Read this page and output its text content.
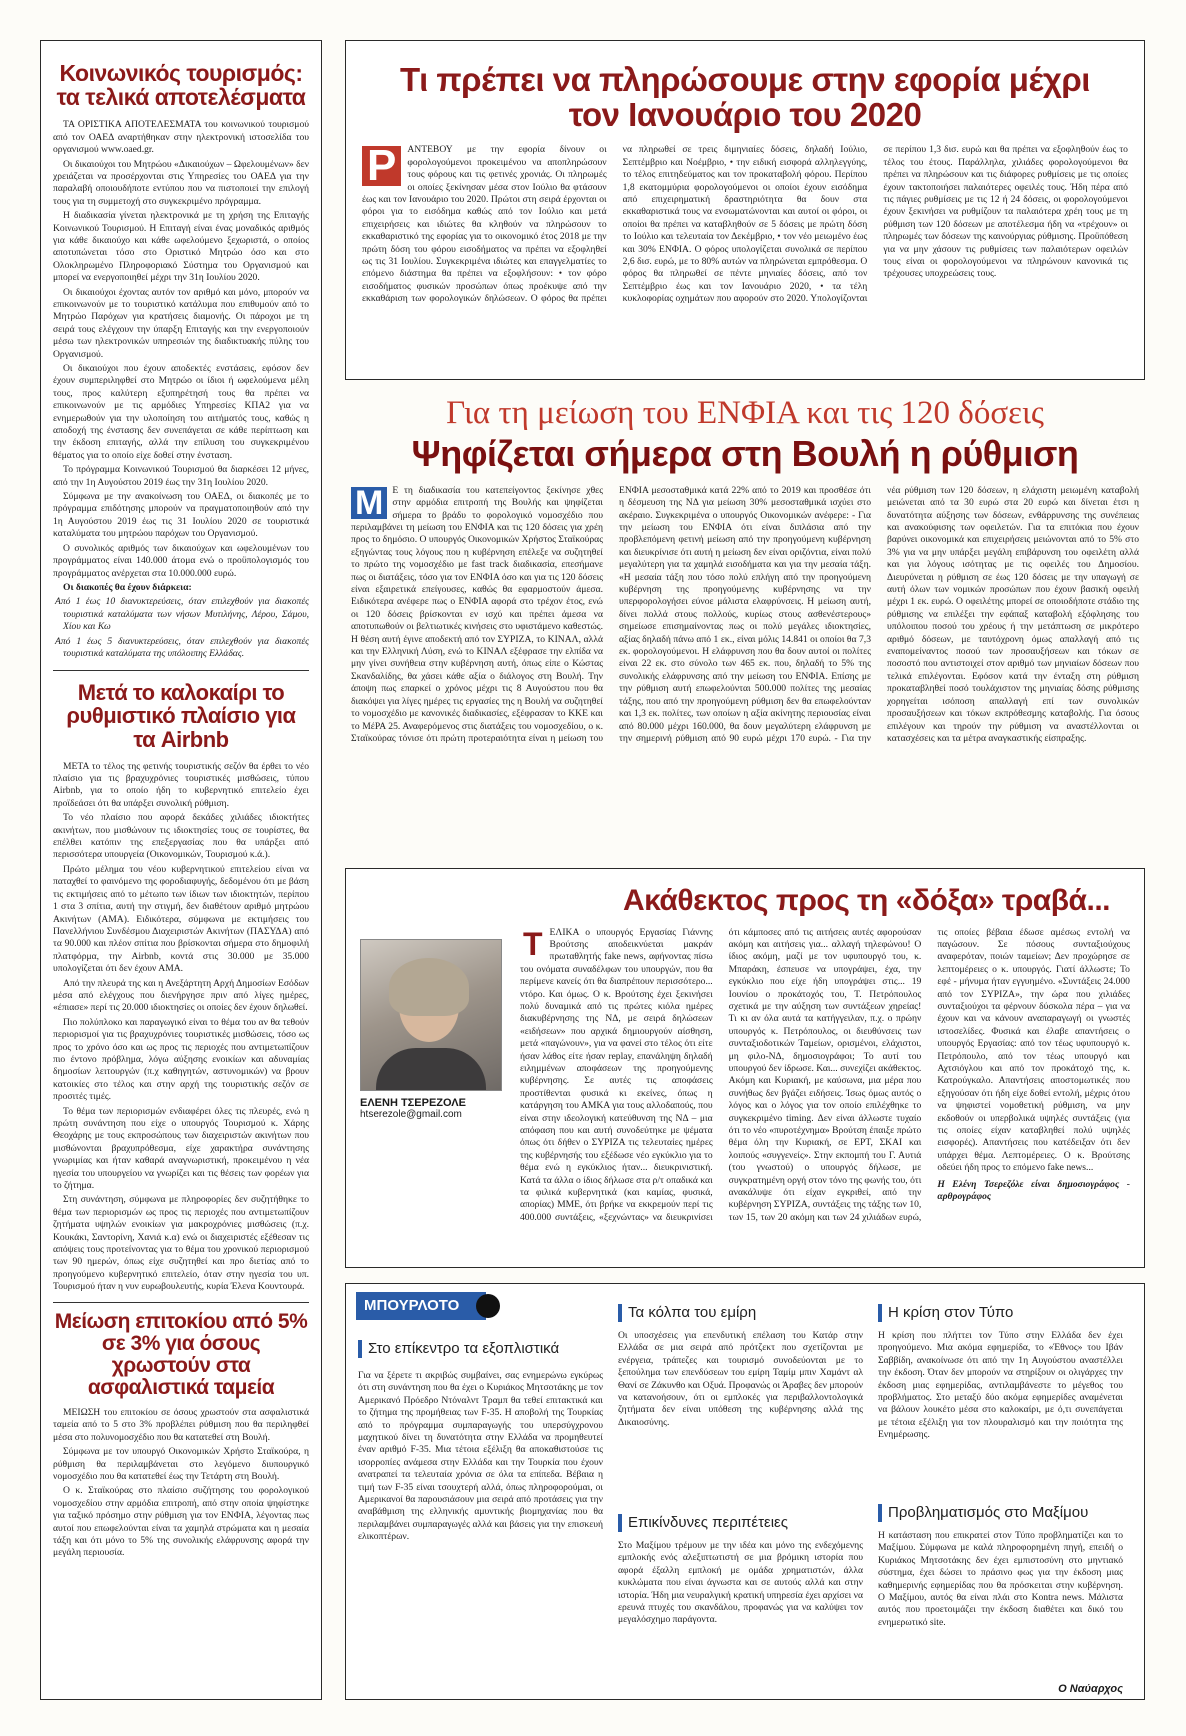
Κοινωνικός τουρισμός: τα τελικά αποτελέσματα

ΤΑ ΟΡΙΣΤΙΚΑ ΑΠΟΤΕΛΕΣΜΑΤΑ του κοινωνικού τουρισμού από τον ΟΑΕΔ αναρτήθηκαν στην ηλεκτρονική ιστοσελίδα του οργανισμού www.oaed.gr.

Οι δικαιούχοι του Μητρώου «Δικαιούχων – Ωφελουμένων» δεν χρειάζεται να προσέρχονται στις Υπηρεσίες του ΟΑΕΔ για την παραλαβή οποιουδήποτε εντύπου που να πιστοποιεί την επιλογή τους για τη συμμετοχή στο συγκεκριμένο πρόγραμμα.

Η διαδικασία γίνεται ηλεκτρονικά με τη χρήση της Επιταγής Κοινωνικού Τουρισμού. Η Επιταγή είναι ένας μοναδικός αριθμός για κάθε δικαιούχο και κάθε ωφελούμενο ξεχωριστά, ο οποίος αποτυπώνεται τόσο στο Οριστικό Μητρώο όσο και στο Ολοκληρωμένο Πληροφοριακό Σύστημα του Οργανισμού και μπορεί να ενεργοποιηθεί μέχρι την 31η Ιουλίου 2020.

Οι δικαιούχοι έχοντας αυτόν τον αριθμό και μόνο, μπορούν να επικοινωνούν με το τουριστικό κατάλυμα που επιθυμούν από το Μητρώο Παρόχων για κρατήσεις διαμονής. Οι πάροχοι με τη σειρά τους ελέγχουν την ύπαρξη Επιταγής και την ενεργοποιούν μέσω των ηλεκτρονικών υπηρεσιών της διαδικτυακής πύλης του Οργανισμού.

Οι δικαιούχοι που έχουν αποδεκτές ενστάσεις, εφόσον δεν έχουν συμπεριληφθεί στο Μητρώο οι ίδιοι ή ωφελούμενα μέλη τους, προς καλύτερη εξυπηρέτησή τους θα πρέπει να επικοινωνούν με τις αρμόδιες Υπηρεσίες ΚΠΑ2 για να ενημερωθούν για την υλοποίηση του αιτήματός τους, καθώς η αποδοχή της ένστασης δεν συνεπάγεται σε κάθε περίπτωση και την έκδοση επιταγής, αλλά την επίλυση του συγκεκριμένου θέματος για το οποίο είχε δοθεί στην ένσταση.

Το πρόγραμμα Κοινωνικού Τουρισμού θα διαρκέσει 12 μήνες, από την 1η Αυγούστου 2019 έως την 31η Ιουλίου 2020.

Σύμφωνα με την ανακοίνωση του ΟΑΕΔ, οι διακοπές με το πρόγραμμα επιδότησης μπορούν να πραγματοποιηθούν από την 1η Αυγούστου 2019 έως τις 31 Ιουλίου 2020 σε τουριστικά καταλύματα του μητρώου παρόχων του Οργανισμού.

Ο συνολικός αριθμός των δικαιούχων και ωφελουμένων του προγράμματος είναι 140.000 άτομα ενώ ο προϋπολογισμός του προγράμματος ανέρχεται στα 10.000.000 ευρώ.

Οι διακοπές θα έχουν διάρκεια:

Από 1 έως 10 διανυκτερεύσεις, όταν επιλεχθούν για διακοπές τουριστικά καταλύματα των νήσων Μυτιλήνης, Λέρου, Σάμου, Χίου και Κω

Από 1 έως 5 διανυκτερεύσεις, όταν επιλεχθούν για διακοπές τουριστικά καταλύματα της υπόλοιπης Ελλάδας.

Μετά το καλοκαίρι το ρυθμιστικό πλαίσιο για τα Airbnb

ΜΕΤΑ το τέλος της φετινής τουριστικής σεζόν θα έρθει το νέο πλαίσιο για τις βραχυχρόνιες τουριστικές μισθώσεις, τύπου Airbnb, για το οποίο ήδη το κυβερνητικό επιτελείο έχει προϊδεάσει ότι θα υπάρξει συνολική ρύθμιση.

Το νέο πλαίσιο που αφορά δεκάδες χιλιάδες ιδιοκτήτες ακινήτων, που μισθώνουν τις ιδιοκτησίες τους σε τουρίστες, θα επέλθει κατόπιν της επεξεργασίας που θα υπάρξει από περισσότερα υπουργεία (Οικονομικών, Τουρισμού κ.ά.).

Πρώτο μέλημα του νέου κυβερνητικού επιτελείου είναι να παταχθεί το φαινόμενο της φοροδιαφυγής, δεδομένου ότι με βάση τις εκτιμήσεις από το μέτωπο των ίδιων των ιδιοκτητών, περίπου 1 στα 3 σπίτια, αυτή την στιγμή, δεν διαθέτουν αριθμό μητρώου Ακινήτων (ΑΜΑ). Ειδικότερα, σύμφωνα με εκτιμήσεις του Πανελλήνιου Συνδέσμου Διαχειριστών Ακινήτων (ΠΑΣΥΔΑ) από τα 90.000 και πλέον σπίτια που βρίσκονται σήμερα στο δημοφιλή πλατφόρμα, την Airbnb, κοντά στις 30.000 με 35.000 υπολογίζεται ότι δεν έχουν ΑΜΑ.

Από την πλευρά της και η Ανεξάρτητη Αρχή Δημοσίων Εσόδων μέσα από ελέγχους που διενήργησε πριν από λίγες ημέρες, «έπιασε» περί τις 20.000 ιδιοκτησίες οι οποίες δεν έχουν δηλωθεί.

Πιο πολύπλοκο και παραγωγικό είναι το θέμα του αν θα τεθούν περιορισμοί για τις βραχυχρόνιες τουριστικές μισθώσεις, τόσο ως προς το χρόνο όσο και ως προς τις περιοχές που αντιμετωπίζουν πιο έντονο πρόβλημα, λόγω αύξησης ενοικίων και αδυναμίας δημοσίων λειτουργών (π.χ καθηγητών, αστυνομικών) να βρουν κατοικίες στο τέλος και στην αρχή της τουριστικής σεζόν σε προσιτές τιμές.

Το θέμα των περιορισμών ενδιαφέρει όλες τις πλευρές, ενώ η πρώτη συνάντηση που είχε ο υπουργός Τουρισμού κ. Χάρης Θεοχάρης με τους εκπροσώπους των διαχειριστών ακινήτων που μισθώνονται βραχυπρόθεσμα, είχε χαρακτήρα συνάντησης γνωριμίας και ήταν καθαρά αναγνωριστική, προκειμένου η νέα ηγεσία του υπουργείου να γνωρίζει και τις θέσεις των φορέων για το ζήτημα.

Στη συνάντηση, σύμφωνα με πληροφορίες δεν συζητήθηκε το θέμα των περιορισμών ως προς τις περιοχές που αντιμετωπίζουν ζητήματα υψηλών ενοικίων για μακροχρόνιες μισθώσεις (π.χ. Κουκάκι, Σαντορίνη, Χανιά κ.α) ενώ οι διαχειριστές εξέθεσαν τις απόψεις τους προτείνοντας για το θέμα του χρονικού περιορισμού των 90 ημερών, όπως είχε συζητηθεί και προ διετίας από το προηγούμενο κυβερνητικό επιτελείο, όταν στην ηγεσία του υπ. Τουρισμού ήταν η νυν ευρωβουλευτής, κυρία Έλενα Κουντουρά.

Μείωση επιτοκίου από 5% σε 3% για όσους χρωστούν στα ασφαλιστικά ταμεία

ΜΕΙΩΣΗ του επιτοκίου σε όσους χρωστούν στα ασφαλιστικά ταμεία από το 5 στο 3% προβλέπει ρύθμιση που θα περιληφθεί μέσα στο πολυνομοσχέδιο που θα κατατεθεί στη Βουλή.

Σύμφωνα με τον υπουργό Οικονομικών Χρήστο Σταϊκούρα, η ρύθμιση θα περιλαμβάνεται στο λεγόμενο διυπουργικό νομοσχέδιο που θα κατατεθεί έως την Τετάρτη στη Βουλή.

Ο κ. Σταϊκούρας στο πλαίσιο συζήτησης του φορολογικού νομοσχεδίου στην αρμόδια επιτροπή, από στην οποία ψηφίστηκε για ταξικό πρόσημο στην ρύθμιση για τον ΕΝΦΙΑ, λέγοντας πως αυτοί που επωφελούνται είναι τα χαμηλά στρώματα και η μεσαία τάξη και ότι μόνο το 5% της συνολικής ελάφρυνσης αφορά την μεγάλη περιουσία.

Τι πρέπει να πληρώσουμε στην εφορία μέχρι τον Ιανουάριο του 2020
Ρ	ΑΝΤΕΒΟΥ με την εφορία δίνουν οι φορολογούμενοι προκειμένου να αποπληρώσουν τους φόρους και τις φετινές χρονιάς. Οι πληρωμές οι οποίες ξεκίνησαν μέσα στον Ιούλιο θα φτάσουν έως και τον Ιανουάριο του 2020. Πρώτοι στη σειρά έρχονται οι φόροι για το εισόδημα καθώς από τον Ιούλιο και μετά επιχειρήσεις και ιδιώτες θα κληθούν να πληρώσουν το εκκαθαριστικό της εφορίας για το οικονομικό έτος 2018 με την πρώτη δόση του φόρου εισοδήματος να πρέπει να εξοφληθεί ως τις 31 Ιουλίου. Συγκεκριμένα ιδιώτες και επαγγελματίες το επόμενο διάστημα θα πρέπει να εξοφλήσουν: • τον φόρο εισοδήματος φυσικών προσώπων όπως προέκυψε από την εκκαθάριση των φορολογικών δηλώσεων. Ο φόρος θα πρέπει να πληρωθεί σε τρεις διμηνιαίες δόσεις, δηλαδή Ιούλιο, Σεπτέμβριο και Νοέμβριο, • την ειδική εισφορά αλληλεγγύης, το τέλος επιτηδεύματος και τον προκαταβολή φόρου. Περίπου 1,8 εκατομμύρια φορολογούμενοι οι οποίοι έχουν εισόδημα από επιχειρηματική δραστηριότητα θα δουν στα εκκαθαριστικά τους να ενσωματώνονται και αυτοί οι φόροι, οι οποίοι θα πρέπει να καταβληθούν σε 5 δόσεις με πρώτη δόση το Ιούλιο και τελευταία τον Δεκέμβριο, • τον νέο μειωμένο έως και 30% ΕΝΦΙΑ. Ο φόρος υπολογίζεται συνολικά σε περίπου 2,6 δισ. ευρώ, με το 80% αυτών να πληρώνεται εμπρόθεσμα. Ο φόρος θα πληρωθεί σε πέντε μηνιαίες δόσεις, από τον Σεπτέμβριο έως και τον Ιανουάριο 2020, • τα τέλη κυκλοφορίας οχημάτων που αφορούν στο 2020. Υπολογίζονται σε περίπου 1,3 δισ. ευρώ και θα πρέπει να εξοφληθούν έως το τέλος του έτους. Παράλληλα, χιλιάδες φορολογούμενοι θα πρέπει να πληρώσουν και τις διάφορες ρυθμίσεις με τις οποίες έχουν τακτοποιήσει παλαιότερες οφειλές τους. Ήδη πέρα από τις πάγιες ρυθμίσεις με τις 12 ή 24 δόσεις, οι φορολογούμενοι έχουν ξεκινήσει να ρυθμίζουν τα παλαιότερα χρέη τους με τη ρύθμιση των 120 δόσεων με αποτέλεσμα ήδη να «τρέχουν» οι πληρωμές των δόσεων της καινούργιας ρύθμισης. Προϋπόθεση για να μην χάσουν τις ρυθμίσεις των παλαιότερων οφειλών τους είναι οι φορολογούμενοι να πληρώνουν κανονικά τις τρέχουσες υποχρεώσεις τους.
Για τη μείωση του ΕΝΦΙΑ και τις 120 δόσεις
Ψηφίζεται σήμερα στη Βουλή η ρύθμιση
Μ Ε τη διαδικασία του κατεπείγοντος ξεκίνησε χθες στην αρμόδια επιτροπή της Βουλής και ψηφίζεται σήμερα το βράδυ το φορολογικό νομοσχέδιο που περιλαμβάνει τη μείωση του ΕΝΦΙΑ και τις 120 δόσεις για χρέη προς το δημόσιο. Ο υπουργός Οικονομικών Χρήστος Σταϊκούρας εξηγώντας τους λόγους που η κυβέρνηση επέλεξε να συζητηθεί το πρώτο της νομοσχέδιο με fast track διαδικασία, επεσήμανε πως οι διατάξεις, τόσο για τον ΕΝΦΙΑ όσο και για τις 120 δόσεις είναι εξαιρετικά επείγουσες, καθώς θα εφαρμοστούν άμεσα. Ειδικότερα ανέφερε πως ο ΕΝΦΙΑ αφορά στο τρέχον έτος, ενώ οι 120 δόσεις βρίσκονται εν ισχύ και πρέπει άμεσα να αποτυπωθούν οι βελτιωτικές κινήσεις στο υφιστάμενο καθεστώς. Η θέση αυτή έγινε αποδεκτή από τον ΣΥΡΙΖΑ, το ΚΙΝΑΛ, αλλά και την Ελληνική Λύση, ενώ το ΚΙΝΑΛ εξέφρασε την ελπίδα να μην γίνει συνήθεια στην κυβέρνηση αυτή, όπως είπε ο Κώστας Σκανδαλίδης, θα χάσει κάθε αξία ο διάλογος στη Βουλή. Την άποψη πως επαρκεί ο χρόνος μέχρι τις 8 Αυγούστου που θα διακόψει για λίγες ημέρες τις εργασίες της η Βουλή να συζητηθεί το νομοσχέδιο με κανονικές διαδικασίες, εξέφρασαν το ΚΚΕ και το ΜέΡΑ 25. Αναφερόμενος στις διατάξεις του νομοσχεδίου, ο κ. Σταϊκούρας τόνισε ότι πρώτη προτεραιότητα είναι η μείωση του ΕΝΦΙΑ μεσοσταθμικά κατά 22% από το 2019 και προσθέσε ότι η δέσμευση της ΝΔ για μείωση 30% μεσοσταθμικά ισχύει στο ακέραιο. Συγκεκριμένα ο υπουργός Οικονομικών ανέφερε: - Για την μείωση του ΕΝΦΙΑ ότι είναι διπλάσια από την προβλεπόμενη φετινή μείωση από την προηγούμενη κυβέρνηση και διευκρίνισε ότι αυτή η μείωση δεν είναι οριζόντια, είναι πολύ μεγαλύτερη για τα χαμηλά εισοδήματα και για την μεσαία τάξη. «Η μεσαία τάξη που τόσο πολύ επλήγη από την προηγούμενη κυβέρνηση της προηγούμενης κυβέρνησης να την υπερφορολογήσει εύνοε μάλιστα ελαφρύνσεις. Η μείωση αυτή, δίνει πολλά στους πολλούς, κυρίως στους ασθενέστερους» σημείωσε επισημαίνοντας πως οι πολύ μεγάλες ιδιοκτησίες, αξίας δηλαδή πάνω από 1 εκ., είναι μόλις 14.841 οι οποίοι θα 7,3 εκ. φορολογούμενοι. Η ελάφρυνση που θα δουν αυτοί οι πολίτες είναι 22 εκ. στο σύνολο των 465 εκ. που, δηλαδή το 5% της συνολικής ελάφρυνσης από την μείωση του ΕΝΦΙΑ. Επίσης με την ρύθμιση αυτή επωφελούνται 500.000 πολίτες της μεσαίας τάξης, που από την προηγούμενη ρύθμιση δεν θα επωφελούνταν και 1,3 εκ. πολίτες, των οποίων η αξία ακίνητης περιουσίας είναι από 80.000 μέχρι 160.000, θα δουν μεγαλύτερη ελάφρυνση με την σημερινή ρύθμιση από 90 ευρώ μέχρι 170 ευρώ. - Για την νέα ρύθμιση των 120 δόσεων, η ελάχιστη μειωμένη καταβολή μειώνεται από τα 30 ευρώ στα 20 ευρώ και δίνεται έτσι η δυνατότητα αύξησης των δόσεων, ενθάρρυνσης της συνέπειας και ανακούφισης των οφειλετών. Για τα επιτόκια που έχουν βαρύνει οικονομικά και επιχειρήσεις μειώνονται από το 5% στο 3% για να μην υπάρξει μεγάλη επιβάρυνση του οφειλέτη αλλά και για λόγους ισότητας με τις οφειλές του Δημοσίου. Διευρύνεται η ρύθμιση σε έως 120 δόσεις με την υπαγωγή σε αυτή όλων των νομικών προσώπων που έχουν βασική οφειλή μέχρι 1 εκ. ευρώ. Ο οφειλέτης μπορεί σε οποιοδήποτε στάδιο της ρύθμισης να επιλέξει την εφάπαξ καταβολή εξόφλησης του υπόλοιπου ποσού του χρέους ή την μετάπτωση σε μικρότερο αριθμό δόσεων, με ταυτόχρονη όμως απαλλαγή από τις εναπομείναντος ποσού των προσαυξήσεων και τόκων σε ποσοστό που αντιστοιχεί στον αριθμό των μηνιαίων δόσεων που τελικά επιλέγονται. Εφόσον κατά την ένταξη στη ρύθμιση προκαταβληθεί ποσό τουλάχιστον της μηνιαίας δόσης ρύθμισης χορηγείται ισόποση απαλλαγή επί των συνολικών προσαυξήσεων και τόκων εκπρόθεσμης καταβολής. Για όσους επιλέγουν και τηρούν την ρύθμιση να αναστέλλονται οι κατασχέσεις και τα μέτρα αναγκαστικής είσπραξης.
Ακάθεκτος προς τη «δόξα» τραβά...
ΕΛΕΝΗ ΤΣΕΡΕΖΟΛΕ
htserezole@gmail.com
Τ ΕΛΙΚΑ ο υπουργός Εργασίας Γιάννης Βρούτσης αποδεικνύεται μακράν πρωταθλητής fake news, αφήνοντας πίσω του ονόματα συναδέλφων του υπουργών, που θα περίμενε κανείς ότι θα διαπρέπουν περισσότερο... ντόρο. Και όμως. Ο κ. Βρούτσης έχει ξεκινήσει πολύ δυναμικά από τις πρώτες κιόλα ημέρες διακυβέρνησης της ΝΔ, με σειρά δηλώσεων «ειδήσεων» που αρχικά δημιουργούν αίσθηση, μετά «παγώνουν», για να φανεί στο τέλος ότι είτε ήσαν λάθος είτε ήσαν replay, επανάληψη δηλαδή ειλημμένων αποφάσεων της προηγούμενης κυβέρνησης. Σε αυτές τις αποφάσεις προστίθενται φυσικά κι εκείνες, όπως η κατάργηση του ΑΜΚΑ για τους αλλοδαπούς, που είναι στην ιδεολογική κατεύθυνση της ΝΔ – μια απόφαση που και αυτή συνοδεύτηκε με ψέματα όπως ότι δήθεν ο ΣΥΡΙΖΑ τις τελευταίες ημέρες της κυβέρνησής του εξέδωσε νέο εγκύκλιο για το θέμα ενώ η εγκύκλιος ήταν... διευκρινιστική. Κατά τα άλλα ο ίδιος δήλωσε στα ρ/τ οπαδικά και τα φιλικά κυβερνητικά (και καμίας, φυσικά, απορίας) ΜΜΕ, ότι βρήκε να εκκρεμούν περί τις 400.000 συντάξεις, «ξεχνώντας» να διευκρινίσει ότι κάμποσες από τις αιτήσεις αυτές αφορούσαν ακόμη και αιτήσεις για... αλλαγή τηλεφώνου! Ο ίδιος ακόμη, μαζί με τον υφυπουργό του, κ. Μπαράκη, έσπευσε να υπογράψει, έχα, την εγκύκλιο που είχε ήδη υπογράψει στις... 19 Ιουνίου ο προκάτοχός του, Τ. Πετρόπουλος σχετικά με την αύξηση των συντάξεων χηρείας! Τι κι αν όλα αυτά τα κατήγγειλαν, π.χ. ο πρώην υπουργός κ. Πετρόπουλος, οι διευθύνσεις των συνταξιοδοτικών Ταμείων, ορισμένοι, ελάχιστοι, μη φιλο-ΝΔ, δημοσιογράφοι; Το αυτί του υπουργού δεν ίδρωσε. Και... συνεχίζει ακάθεκτος. Ακόμη και Κυριακή, με καύσωνα, μια μέρα που συνήθως δεν βγάζει ειδήσεις. Ίσως όμως αυτός ο λόγος και ο λόγος για τον οποίο επιλέχθηκε το συγκεκριμένο timing. Δεν είναι άλλωστε τυχαίο ότι το νέο «πυροτέχνημα» Βρούτση έπαιξε πρώτο θέμα όλη την Κυριακή, σε ΕΡΤ, ΣΚΑΙ και λοιπούς «συγγενείς». Στην εκπομπή του Γ. Αυτιά (του γνωστού) ο υπουργός δήλωσε, με συγκρατημένη οργή στον τόνο της φωνής του, ότι ανακάλυψε ότι είχαν εγκριθεί, από την κυβέρνηση ΣΥΡΙΖΑ, συντάξεις της τάξης των 10, των 15, των 20 ακόμη και των 24 χιλιάδων ευρώ, τις οποίες βέβαια έδωσε αμέσως εντολή να παγώσουν. Σε πόσους συνταξιούχους αναφερόταν, ποιών ταμείων; Δεν προχώρησε σε λεπτομέρειες ο κ. υπουργός. Γιατί άλλωστε; Το εφέ - μήνυμα ήταν εγγυημένο. «Συντάξεις 24.000 από τον ΣΥΡΙΖΑ», την ώρα που χιλιάδες συνταξιούχοι τα φέρνουν δύσκολα πέρα – για να έχουν και να κάνουν αναπαραγωγή οι γνωστές ιστοσελίδες. Φυσικά και έλαβε απαντήσεις ο υπουργός Εργασίας: από τον τέως υφυπουργό κ. Πετρόπουλο, από τον τέως υπουργό και Αχτσιόγλου και από τον προκάτοχό της, κ. Κατρούγκαλο. Απαντήσεις αποστομωτικές που εξηγούσαν ότι ήδη είχε δοθεί εντολή, μέχρις ότου να ψηφιστεί νομοθετική ρύθμιση, να μην εκδοθούν οι υπερβολικά υψηλές συντάξεις (για τις οποίες είχαν καταβληθεί πολύ υψηλές εισφορές). Απαντήσεις που κατέδειξαν ότι δεν υπάρχει θέμα. Λεπτομέρειες. Ο κ. Βρούτσης οδεύει ήδη προς το επόμενο fake news...
Η Ελένη Τσερεζόλε είναι δημοσιογράφος - αρθρογράφος
ΜΠΟΥΡΛΟΤΟ
Στο επίκεντρο τα εξοπλιστικά
Για να ξέρετε τι ακριβώς συμβαίνει, σας ενημερώνω εγκύρως ότι στη συνάντηση που θα έχει ο Κυριάκος Μητσοτάκης με τον Αμερικανό Πρόεδρο Ντόναλντ Τραμπ θα τεθεί επιτακτικά και το ζήτημα της προμήθειας των F-35. Η αποβολή της Τουρκίας από το πρόγραμμα συμπαραγωγής του υπερσύγχρονου μαχητικού δίνει τη δυνατότητα στην Ελλάδα να προμηθευτεί έναν αριθμό F-35. Μια τέτοια εξέλιξη θα αποκαθιστούσε τις ισορροπίες ανάμεσα στην Ελλάδα και την Τουρκία που έχουν ανατραπεί τα τελευταία χρόνια σε όλα τα επίπεδα. Βέβαια η τιμή των F-35 είναι τσουχτερή αλλά, όπως πληροφορούμαι, οι Αμερικανοί θα παρουσιάσουν μια σειρά από προτάσεις για την αναβάθμιση της ελληνικής αμυντικής βιομηχανίας που θα περιλαμβάνει συμπαραγωγές αλλά και βάσεις για την επισκευή ελικοπτέρων.
Τα κόλπα του εμίρη
Οι υποσχέσεις για επενδυτική επέλαση του Κατάρ στην Ελλάδα σε μια σειρά από πρότζεκτ που σχετίζονται με ενέργεια, τράπεζες και τουρισμό συνοδεύονται με το ξεπούλημα των επενδύσεων του εμίρη Ταμίμ μπιν Χαμάντ αλ Θανί σε Ζάκυνθο και Οξυά. Προφανώς οι Άραβες δεν μπορούν να κατανοήσουν, ότι οι εμπλοκές για περιβαλλοντολογικά ζητήματα δεν είναι υπόθεση της κυβέρνησης αλλά της Δικαιοσύνης.
Επικίνδυνες περιπέτειες
Στο Μαξίμου τρέμουν με την ιδέα και μόνο της ενδεχόμενης εμπλοκής ενός αλεξιπτωτιστή σε μια βρόμικη ιστορία που αφορά έξαλλη εμπλοκή με ομάδα χρηματιστών, άλλα κυκλώματα που είναι άγνωστα και σε αυτούς αλλά και στην ιστορία. Ήδη μια νευραλγική κρατική υπηρεσία έχει αρχίσει να ερευνά πτυχές του σκανδάλου, προφανώς για να καλύψει τον μεγαλόσχημο παράγοντα.
Η κρίση στον Τύπο
Η κρίση που πλήττει τον Τύπο στην Ελλάδα δεν έχει προηγούμενο. Μια ακόμα εφημερίδα, το «Έθνος» του Ιβάν Σαββίδη, ανακοίνωσε ότι από την 1η Αυγούστου αναστέλλει την έκδοση. Όταν δεν μπορούν να στηρίξουν οι ολιγάρχες την έκδοση μιας εφημερίδας, αντιλαμβάνεστε το μέγεθος του προβλήματος. Στο μεταξύ δύο ακόμα εφημερίδες αναμένεται να βάλουν λουκέτο μέσα στο καλοκαίρι, με ό,τι συνεπάγεται με τέτοια εξέλιξη για τον πλουραλισμό και την ποιότητα της Ενημέρωσης.
Προβληματισμός στο Μαξίμου
Η κατάσταση που επικρατεί στον Τύπο προβληματίζει και το Μαξίμου. Σύμφωνα με καλά πληροφορημένη πηγή, επειδή ο Κυριάκος Μητσοτάκης δεν έχει εμπιστοσύνη στο μηντιακό σύστημα, έχει δώσει το πράσινο φως για την έκδοση μιας καθημερινής εφημερίδας που θα πρόσκειται στην κυβέρνηση. Ο Μαξίμου, αυτός θα είναι πλάι στο Kontra news. Μάλιστα αυτός που προετοιμάζει την έκδοση διαθέτει και δικό του ενημερωτικό site.
Ο Ναύαρχος
